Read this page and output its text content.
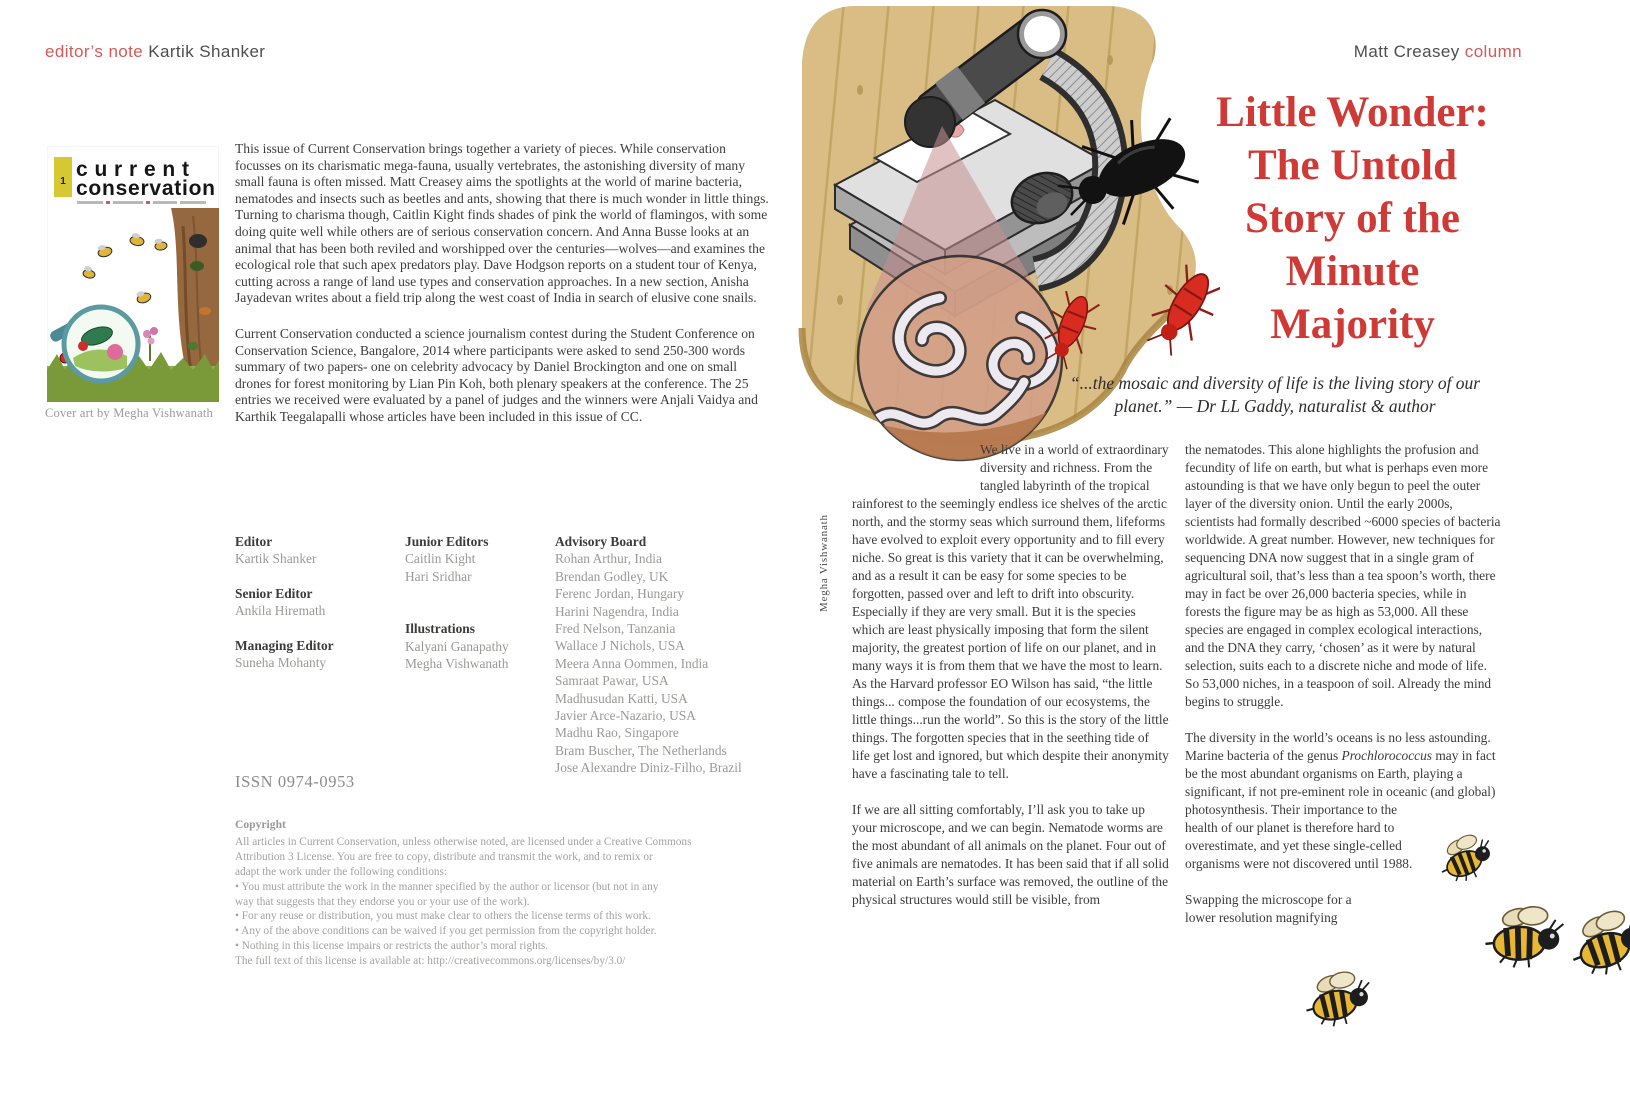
editor’s note Kartik Shanker	Matt Creasey column
1
current
conservation
Cover art by Megha Vishwanath

This issue of Current Conservation brings together a variety of pieces. While conservation focusses on its charismatic mega-fauna, usually vertebrates, the astonishing diversity of many small fauna is often missed. Matt Creasey aims the spotlights at the world of marine bacteria, nematodes and insects such as beetles and ants, showing that there is much wonder in little things. Turning to charisma though, Caitlin Kight finds shades of pink the world of flamingos, with some doing quite well while others are of serious conservation concern. And Anna Busse looks at an animal that has been both reviled and worshipped over the centuries—wolves—and examines the ecological role that such apex predators play. Dave Hodgson reports on a student tour of Kenya, cutting across a range of land use types and conservation approaches. In a new section, Anisha Jayadevan writes about a field trip along the west coast of India in search of elusive cone snails.

Current Conservation conducted a science journalism contest during the Student Conference on Conservation Science, Bangalore, 2014 where participants were asked to send 250-300 words summary of two papers- one on celebrity advocacy by Daniel Brockington and one on small drones for forest monitoring by Lian Pin Koh, both plenary speakers at the conference. The 25 entries we received were evaluated by a panel of judges and the winners were Anjali Vaidya and Karthik Teegalapalli whose articles have been included in this issue of CC.

Editor
Kartik Shanker
Senior Editor
Ankila Hiremath
Managing Editor
Suneha Mohanty
Junior Editors
Caitlin Kight
Hari Sridhar
Illustrations
Kalyani Ganapathy
Megha Vishwanath
Advisory Board
Rohan Arthur, India
Brendan Godley, UK
Ferenc Jordan, Hungary
Harini Nagendra, India
Fred Nelson, Tanzania
Wallace J Nichols, USA
Meera Anna Oommen, India
Samraat Pawar, USA
Madhusudan Katti, USA
Javier Arce-Nazario, USA
Madhu Rao, Singapore
Bram Buscher, The Netherlands
Jose Alexandre Diniz-Filho, Brazil
ISSN 0974-0953
Copyright
All articles in Current Conservation, unless otherwise noted, are licensed under a Creative Commons
Attribution 3 License. You are free to copy, distribute and transmit the work, and to remix or
adapt the work under the following conditions:
• You must attribute the work in the manner specified by the author or licensor (but not in any
way that suggests that they endorse you or your use of the work).
• For any reuse or distribution, you must make clear to others the license terms of this work.
• Any of the above conditions can be waived if you get permission from the copyright holder.
• Nothing in this license impairs or restricts the author’s moral rights.
The full text of this license is available at: http://creativecommons.org/licenses/by/3.0/
Little Wonder:
The Untold
Story of the
Minute
Majority
“...the mosaic and diversity of life is the living story of our planet.” — Dr LL Gaddy, naturalist & author
Megha Vishwanath

We live in a world of extraordinary diversity and richness. From the tangled labyrinth of the tropical rainforest to the seemingly endless ice shelves of the arctic north, and the stormy seas which surround them, lifeforms have evolved to exploit every opportunity and to fill every niche. So great is this variety that it can be overwhelming, and as a result it can be easy for some species to be forgotten, passed over and left to drift into obscurity. Especially if they are very small. But it is the species which are least physically imposing that form the silent majority, the greatest portion of life on our planet, and in many ways it is from them that we have the most to learn. As the Harvard professor EO Wilson has said, “the little things... compose the foundation of our ecosystems, the little things...run the world”. So this is the story of the little things. The forgotten species that in the seething tide of life get lost and ignored, but which despite their anonymity have a fascinating tale to tell.

If we are all sitting comfortably, I’ll ask you to take up your microscope, and we can begin. Nematode worms are the most abundant of all animals on the planet. Four out of five animals are nematodes. It has been said that if all solid material on Earth’s surface was removed, the outline of the physical structures would still be visible, from

the nematodes. This alone highlights the profusion and fecundity of life on earth, but what is perhaps even more astounding is that we have only begun to peel the outer layer of the diversity onion. Until the early 2000s, scientists had formally described ~6000 species of bacteria worldwide. A great number. However, new techniques for sequencing DNA now suggest that in a single gram of agricultural soil, that’s less than a tea spoon’s worth, there may in fact be over 26,000 bacteria species, while in forests the figure may be as high as 53,000. All these species are engaged in complex ecological interactions, and the DNA they carry, ‘chosen’ as it were by natural selection, suits each to a discrete niche and mode of life. So 53,000 niches, in a teaspoon of soil. Already the mind begins to struggle.

The diversity in the world’s oceans is no less astounding. Marine bacteria of the genus Prochlorococcus may in fact be the most abundant organisms on Earth, playing a significant, if not pre-eminent role in oceanic (and global)
photosynthesis. Their importance to the health of our planet is therefore hard to overestimate, and yet these single-celled organisms were not discovered until 1988.

Swapping the microscope for a lower resolution magnifying
